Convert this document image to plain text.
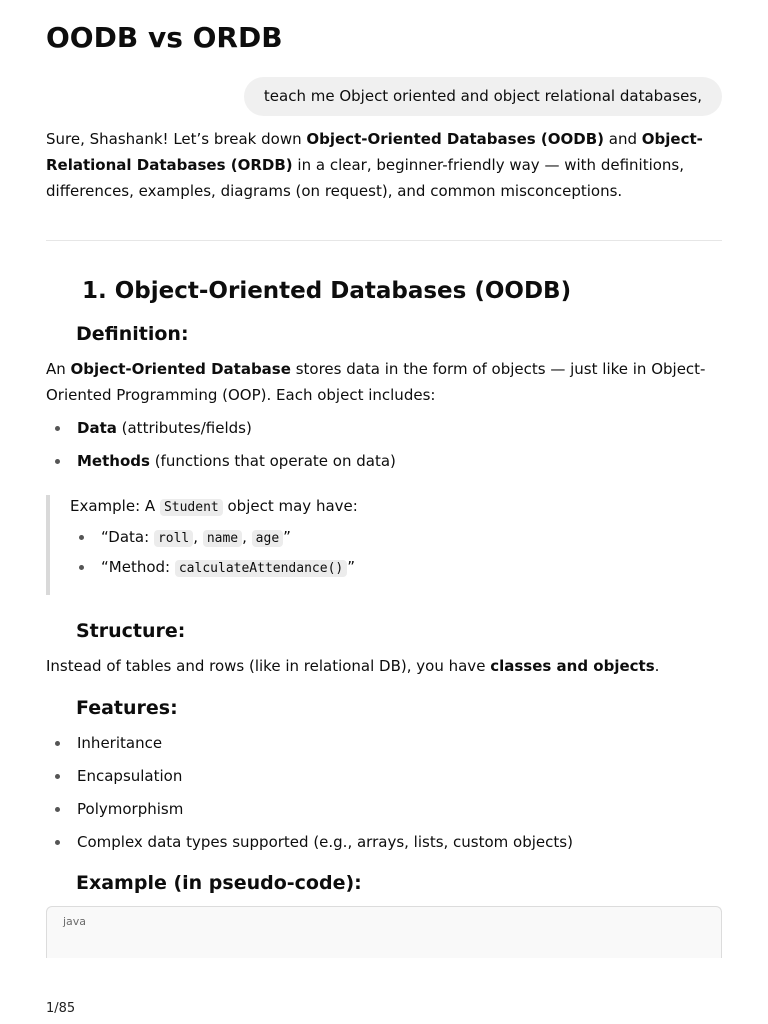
OODB vs ORDB
teach me Object oriented and object relational databases,

Sure, Shashank! Let’s break down Object-Oriented Databases (OODB) and Object-Relational Databases (ORDB) in a clear, beginner-friendly way — with definitions, differences, examples, diagrams (on request), and common misconceptions.

1. Object-Oriented Databases (OODB)
Definition:

An Object-Oriented Database stores data in the form of objects — just like in Object-Oriented Programming (OOP). Each object includes:

Data (attributes/fields)
Methods (functions that operate on data)
Example: A Student object may have:
“Data: roll , name , age ”
“Method: calculateAttendance() ”
Structure:

Instead of tables and rows (like in relational DB), you have classes and objects.

Features:
Inheritance
Encapsulation
Polymorphism
Complex data types supported (e.g., arrays, lists, custom objects)
Example (in pseudo-code):
java
1/85
